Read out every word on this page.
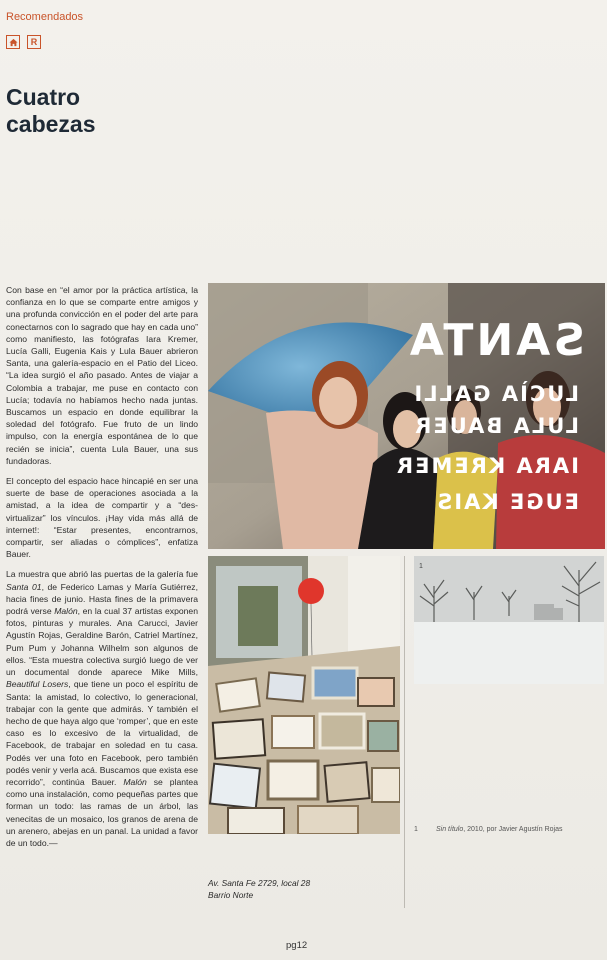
Recomendados
R
Cuatro
cabezas

Con base en “el amor por la práctica artística, la confianza en lo que se comparte entre amigos y una profunda convicción en el poder del arte para conectarnos con lo sagrado que hay en cada uno” como manifiesto, las fotógrafas Iara Kremer, Lucía Galli, Eugenia Kais y Lula Bauer abrieron Santa, una galería-espacio en el Patio del Liceo. “La idea surgió el año pasado. Antes de viajar a Colombia a trabajar, me puse en contacto con Lucía; todavía no habíamos hecho nada juntas. Buscamos un espacio en donde equilibrar la soledad del fotógrafo. Fue fruto de un lindo impulso, con la energía espontánea de lo que recién se inicia”, cuenta Lula Bauer, una sus fundadoras.

El concepto del espacio hace hincapié en ser una suerte de base de operaciones asociada a la amistad, a la idea de compartir y a “des-virtualizar” los vínculos. ¡Hay vida más allá de internet!: “Estar presentes, encontrarnos, compartir, ser aliadas o cómplices”, enfatiza Bauer.

La muestra que abrió las puertas de la galería fue Santa 01, de Federico Lamas y María Gutiérrez, hacia fines de junio. Hasta fines de la primavera podrá verse Malón, en la cual 37 artistas exponen fotos, pinturas y murales. Ana Carucci, Javier Agustín Rojas, Geraldine Barón, Catriel Martínez, Pum Pum y Johanna Wilhelm son algunos de ellos. “Esta muestra colectiva surgió luego de ver un documental donde aparece Mike Mills, Beautiful Losers, que tiene un poco el espíritu de Santa: la amistad, lo colectivo, lo generacional, trabajar con la gente que admirás. Y también el hecho de que haya algo que ‘romper’, que en este caso es lo excesivo de la virtualidad, de Facebook, de trabajar en soledad en tu casa. Podés ver una foto en Facebook, pero también podés venir y verla acá. Buscamos que exista ese recorrido”, continúa Bauer. Malón se plantea como una instalación, como pequeñas partes que forman un todo: las ramas de un árbol, las venecitas de un mosaico, los granos de arena de un arenero, abejas en un panal. La unidad a favor de un todo.—

SANTA
LUCÌA GALLI
LULA BAUER
IARA KREMER
EUGE KAIS
1
Av. Santa Fe 2729, local 28
Barrio Norte
1	Sin título, 2010, por Javier Agustín Rojas
pg12
